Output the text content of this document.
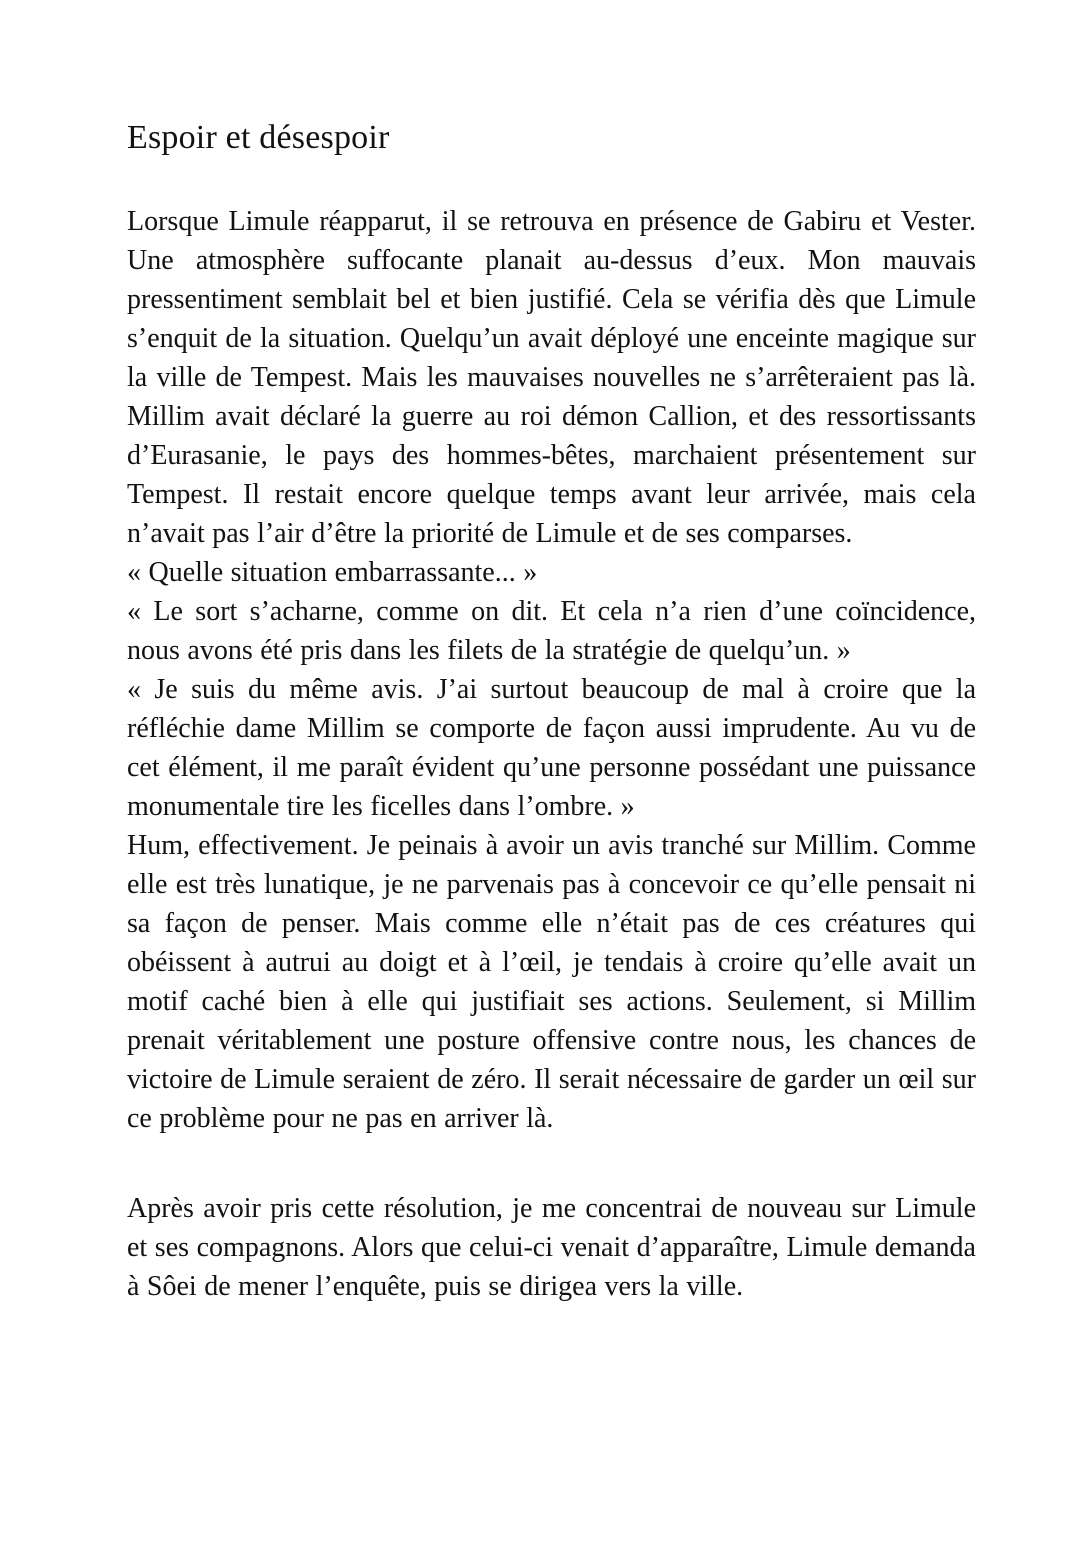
Espoir et désespoir

Lorsque Limule réapparut, il se retrouva en présence de Gabiru et Vester. Une atmosphère suffocante planait au-dessus d’eux. Mon mauvais pressentiment semblait bel et bien justifié. Cela se vérifia dès que Limule s’enquit de la situation. Quelqu’un avait déployé une enceinte magique sur la ville de Tempest. Mais les mauvaises nouvelles ne s’arrêteraient pas là. Millim avait déclaré la guerre au roi démon Callion, et des ressortissants d’Eurasanie, le pays des hommes-bêtes, marchaient présentement sur Tempest. Il restait encore quelque temps avant leur arrivée, mais cela n’avait pas l’air d’être la priorité de Limule et de ses comparses.

« Quelle situation embarrassante... »

« Le sort s’acharne, comme on dit. Et cela n’a rien d’une coïncidence, nous avons été pris dans les filets de la stratégie de quelqu’un. »

« Je suis du même avis. J’ai surtout beaucoup de mal à croire que la réfléchie dame Millim se comporte de façon aussi imprudente. Au vu de cet élément, il me paraît évident qu’une personne possédant une puissance monumentale tire les ficelles dans l’ombre. »

Hum, effectivement. Je peinais à avoir un avis tranché sur Millim. Comme elle est très lunatique, je ne parvenais pas à concevoir ce qu’elle pensait ni sa façon de penser. Mais comme elle n’était pas de ces créatures qui obéissent à autrui au doigt et à l’œil, je tendais à croire qu’elle avait un motif caché bien à elle qui justifiait ses actions. Seulement, si Millim prenait véritablement une posture offensive contre nous, les chances de victoire de Limule seraient de zéro. Il serait nécessaire de garder un œil sur ce problème pour ne pas en arriver là.

Après avoir pris cette résolution, je me concentrai de nouveau sur Limule et ses compagnons. Alors que celui-ci venait d’apparaître, Limule demanda à Sôei de mener l’enquête, puis se dirigea vers la ville.
